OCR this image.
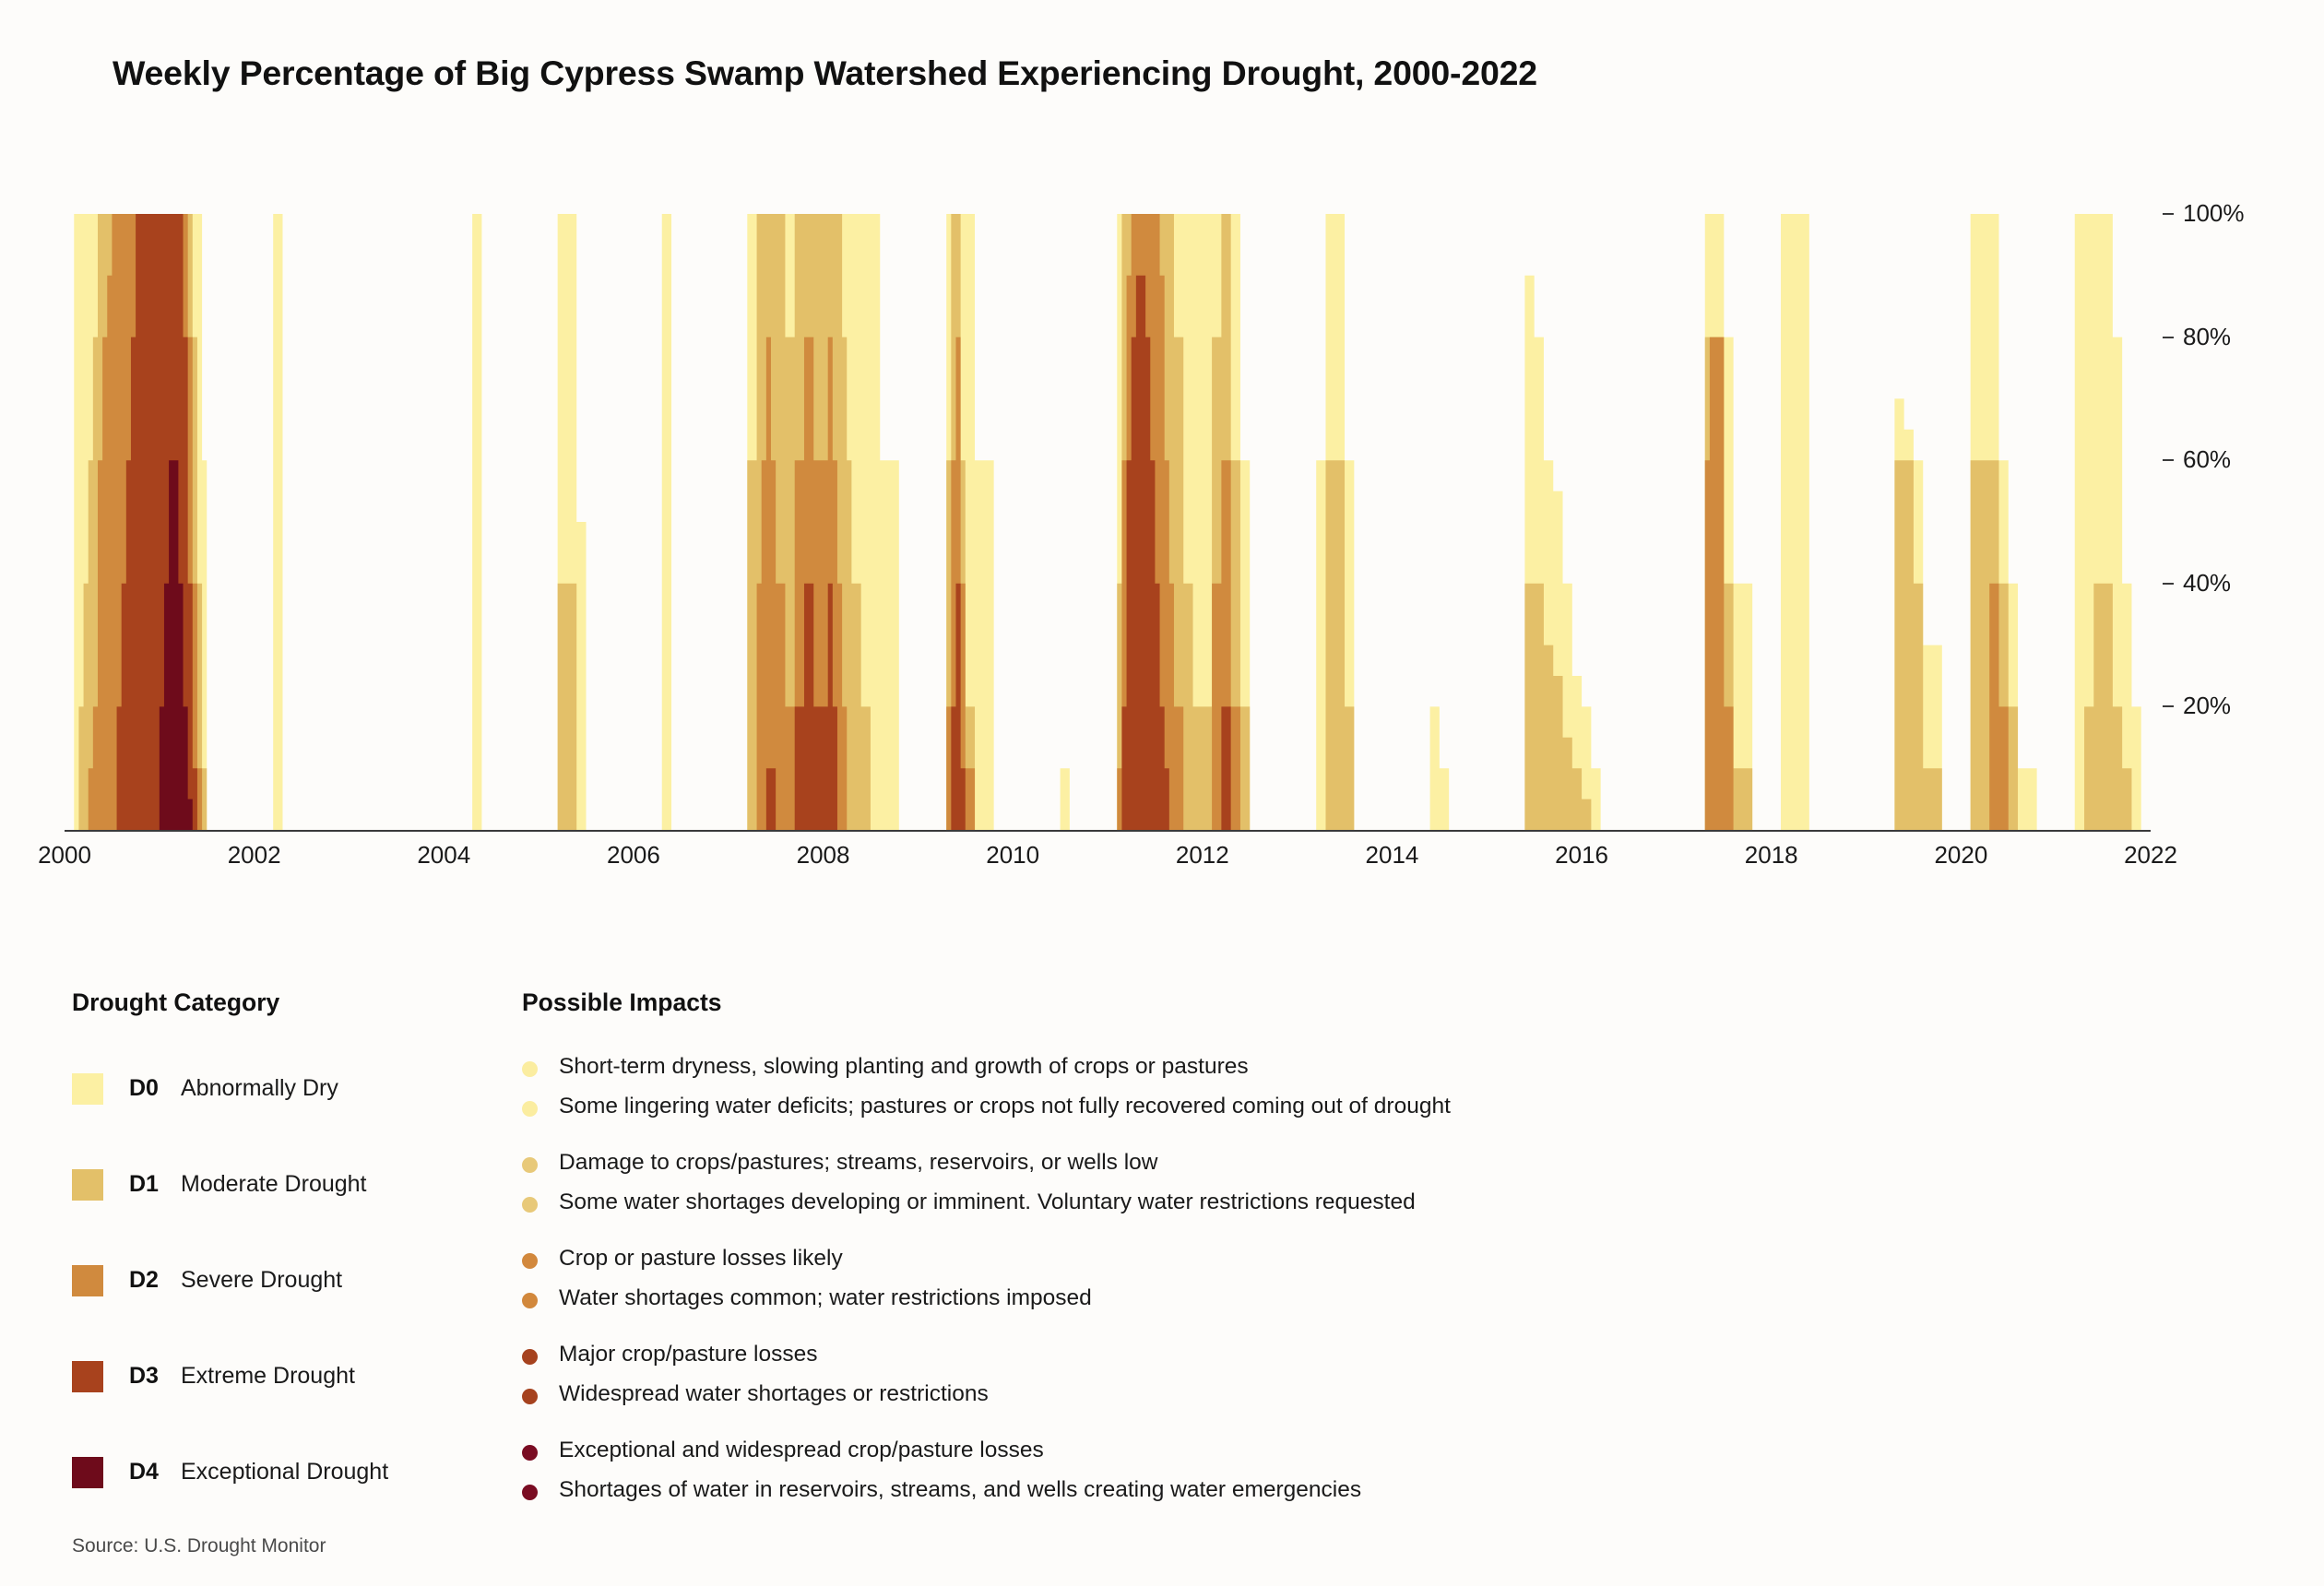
Weekly Percentage of Big Cypress Swamp Watershed Experiencing Drought, 2000-2022
20%
40%
60%
80%
100%
2000	2002	2004	2006	2008	2010	2012	2014	2016	2018	2020	2022
Drought Category	Possible Impacts
D0 Abnormally Dry
D1 Moderate Drought
D2 Severe Drought
D3 Extreme Drought
D4 Exceptional Drought
Short-term dryness, slowing planting and growth of crops or pastures
Some lingering water deficits; pastures or crops not fully recovered coming out of drought
Damage to crops/pastures; streams, reservoirs, or wells low
Some water shortages developing or imminent. Voluntary water restrictions requested
Crop or pasture losses likely
Water shortages common; water restrictions imposed
Major crop/pasture losses
Widespread water shortages or restrictions
Exceptional and widespread crop/pasture losses
Shortages of water in reservoirs, streams, and wells creating water emergencies
Source: U.S. Drought Monitor
